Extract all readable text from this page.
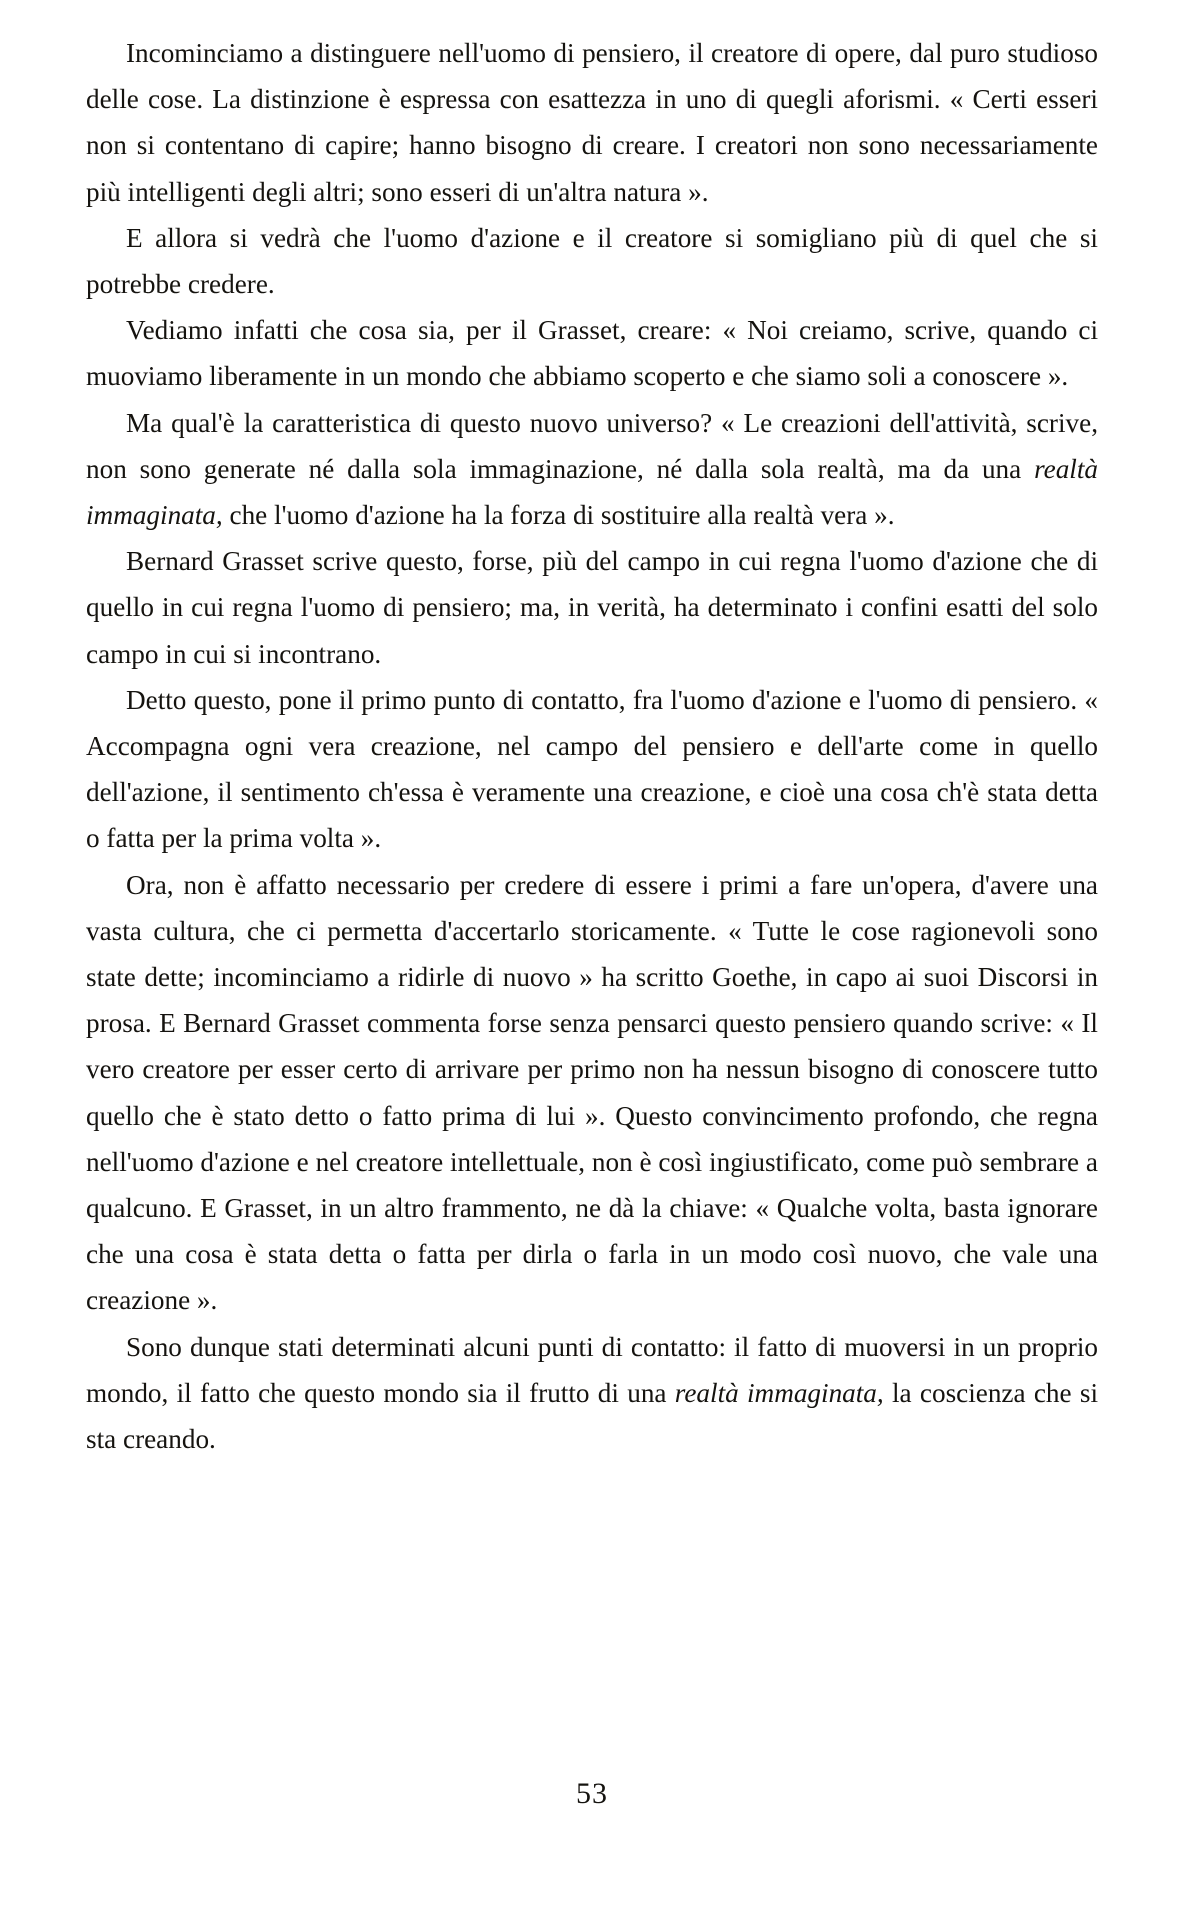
Incominciamo a distinguere nell'uomo di pensiero, il creatore di opere, dal puro studioso delle cose. La distinzione è espressa con esattezza in uno di quegli aforismi. « Certi esseri non si contentano di capire; hanno bisogno di creare. I creatori non sono necessariamente più intelligenti degli altri; sono esseri di un'altra natura ».

E allora si vedrà che l'uomo d'azione e il creatore si somigliano più di quel che si potrebbe credere.

Vediamo infatti che cosa sia, per il Grasset, creare: « Noi creiamo, scrive, quando ci muoviamo liberamente in un mondo che abbiamo scoperto e che siamo soli a conoscere ».

Ma qual'è la caratteristica di questo nuovo universo? « Le creazioni dell'attività, scrive, non sono generate né dalla sola immaginazione, né dalla sola realtà, ma da una realtà immaginata, che l'uomo d'azione ha la forza di sostituire alla realtà vera ».

Bernard Grasset scrive questo, forse, più del campo in cui regna l'uomo d'azione che di quello in cui regna l'uomo di pensiero; ma, in verità, ha determinato i confini esatti del solo campo in cui si incontrano.

Detto questo, pone il primo punto di contatto, fra l'uomo d'azione e l'uomo di pensiero. « Accompagna ogni vera creazione, nel campo del pensiero e dell'arte come in quello dell'azione, il sentimento ch'essa è veramente una creazione, e cioè una cosa ch'è stata detta o fatta per la prima volta ».

Ora, non è affatto necessario per credere di essere i primi a fare un'opera, d'avere una vasta cultura, che ci permetta d'accertarlo storicamente. « Tutte le cose ragionevoli sono state dette; incominciamo a ridirle di nuovo » ha scritto Goethe, in capo ai suoi Discorsi in prosa. E Bernard Grasset commenta forse senza pensarci questo pensiero quando scrive: « Il vero creatore per esser certo di arrivare per primo non ha nessun bisogno di conoscere tutto quello che è stato detto o fatto prima di lui ». Questo convincimento profondo, che regna nell'uomo d'azione e nel creatore intellettuale, non è così ingiustificato, come può sembrare a qualcuno. E Grasset, in un altro frammento, ne dà la chiave: « Qualche volta, basta ignorare che una cosa è stata detta o fatta per dirla o farla in un modo così nuovo, che vale una creazione ».

Sono dunque stati determinati alcuni punti di contatto: il fatto di muoversi in un proprio mondo, il fatto che questo mondo sia il frutto di una realtà immaginata, la coscienza che si sta creando.

53
